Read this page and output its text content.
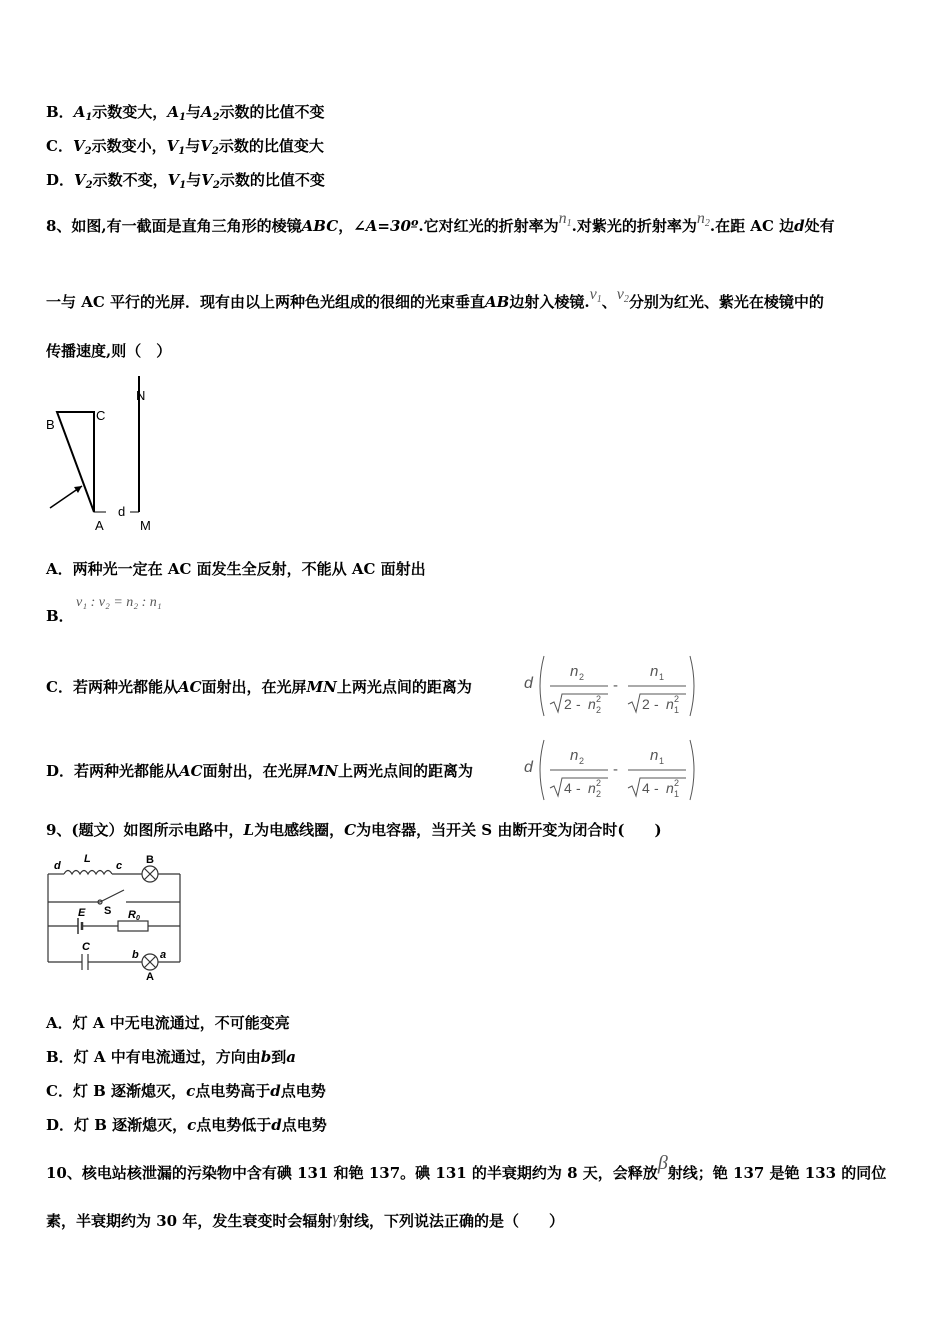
B．$A_1$示数变大，$A_1$与$A_2$示数的比值不变
C．$V_2$示数变小，$V_1$与$V_2$示数的比值变大
D．$V_2$示数不变，$V_1$与$V_2$示数的比值不变
8、如图,有一截面是直角三角形的棱镜ABC，∠A=30º.它对红光的折射率为$n^1$.对紫光的折射率为$n^2$.在距 AC 边d处有
一与 AC 平行的光屏．现有由以上两种色光组成的很细的光束垂直AB边射入棱镜$.v^1$、$v^2$分别为红光、紫光在棱镜中的
传播速度,则（　）
B
C
N
A
d
M
A．两种光一定在 AC 面发生全反射，不能从 AC 面射出
B．
v₁ : v₂ = n₂ : n₁
C．若两种光都能从AC面射出，在光屏MN上两光点间的距离为	d
n 2
2 - n 2
2
-
n 1
2 - n 2
1
D．若两种光都能从AC面射出，在光屏MN上两光点间的距离为	d
n 2
4 - n 2
2
-
n 1
4 - n 2
1
9、(题文）如图所示电路中，L为电感线圈，C为电容器，当开关 S 由断开变为闭合时(　　)
d
L
c B
S
E	R 0
C
b a
A
A．灯 A 中无电流通过，不可能变亮
B．灯 A 中有电流通过，方向由b到a
C．灯 B 逐渐熄灭，c点电势高于d点电势
D．灯 B 逐渐熄灭，c点电势低于d点电势
10、核电站核泄漏的污染物中含有碘 131 和铯 137。碘 131 的半衰期约为 8 天，会释放β射线；铯 137 是铯 133 的同位
素，半衰期约为 30 年，发生衰变时会辐射γ射线，下列说法正确的是（　　）
